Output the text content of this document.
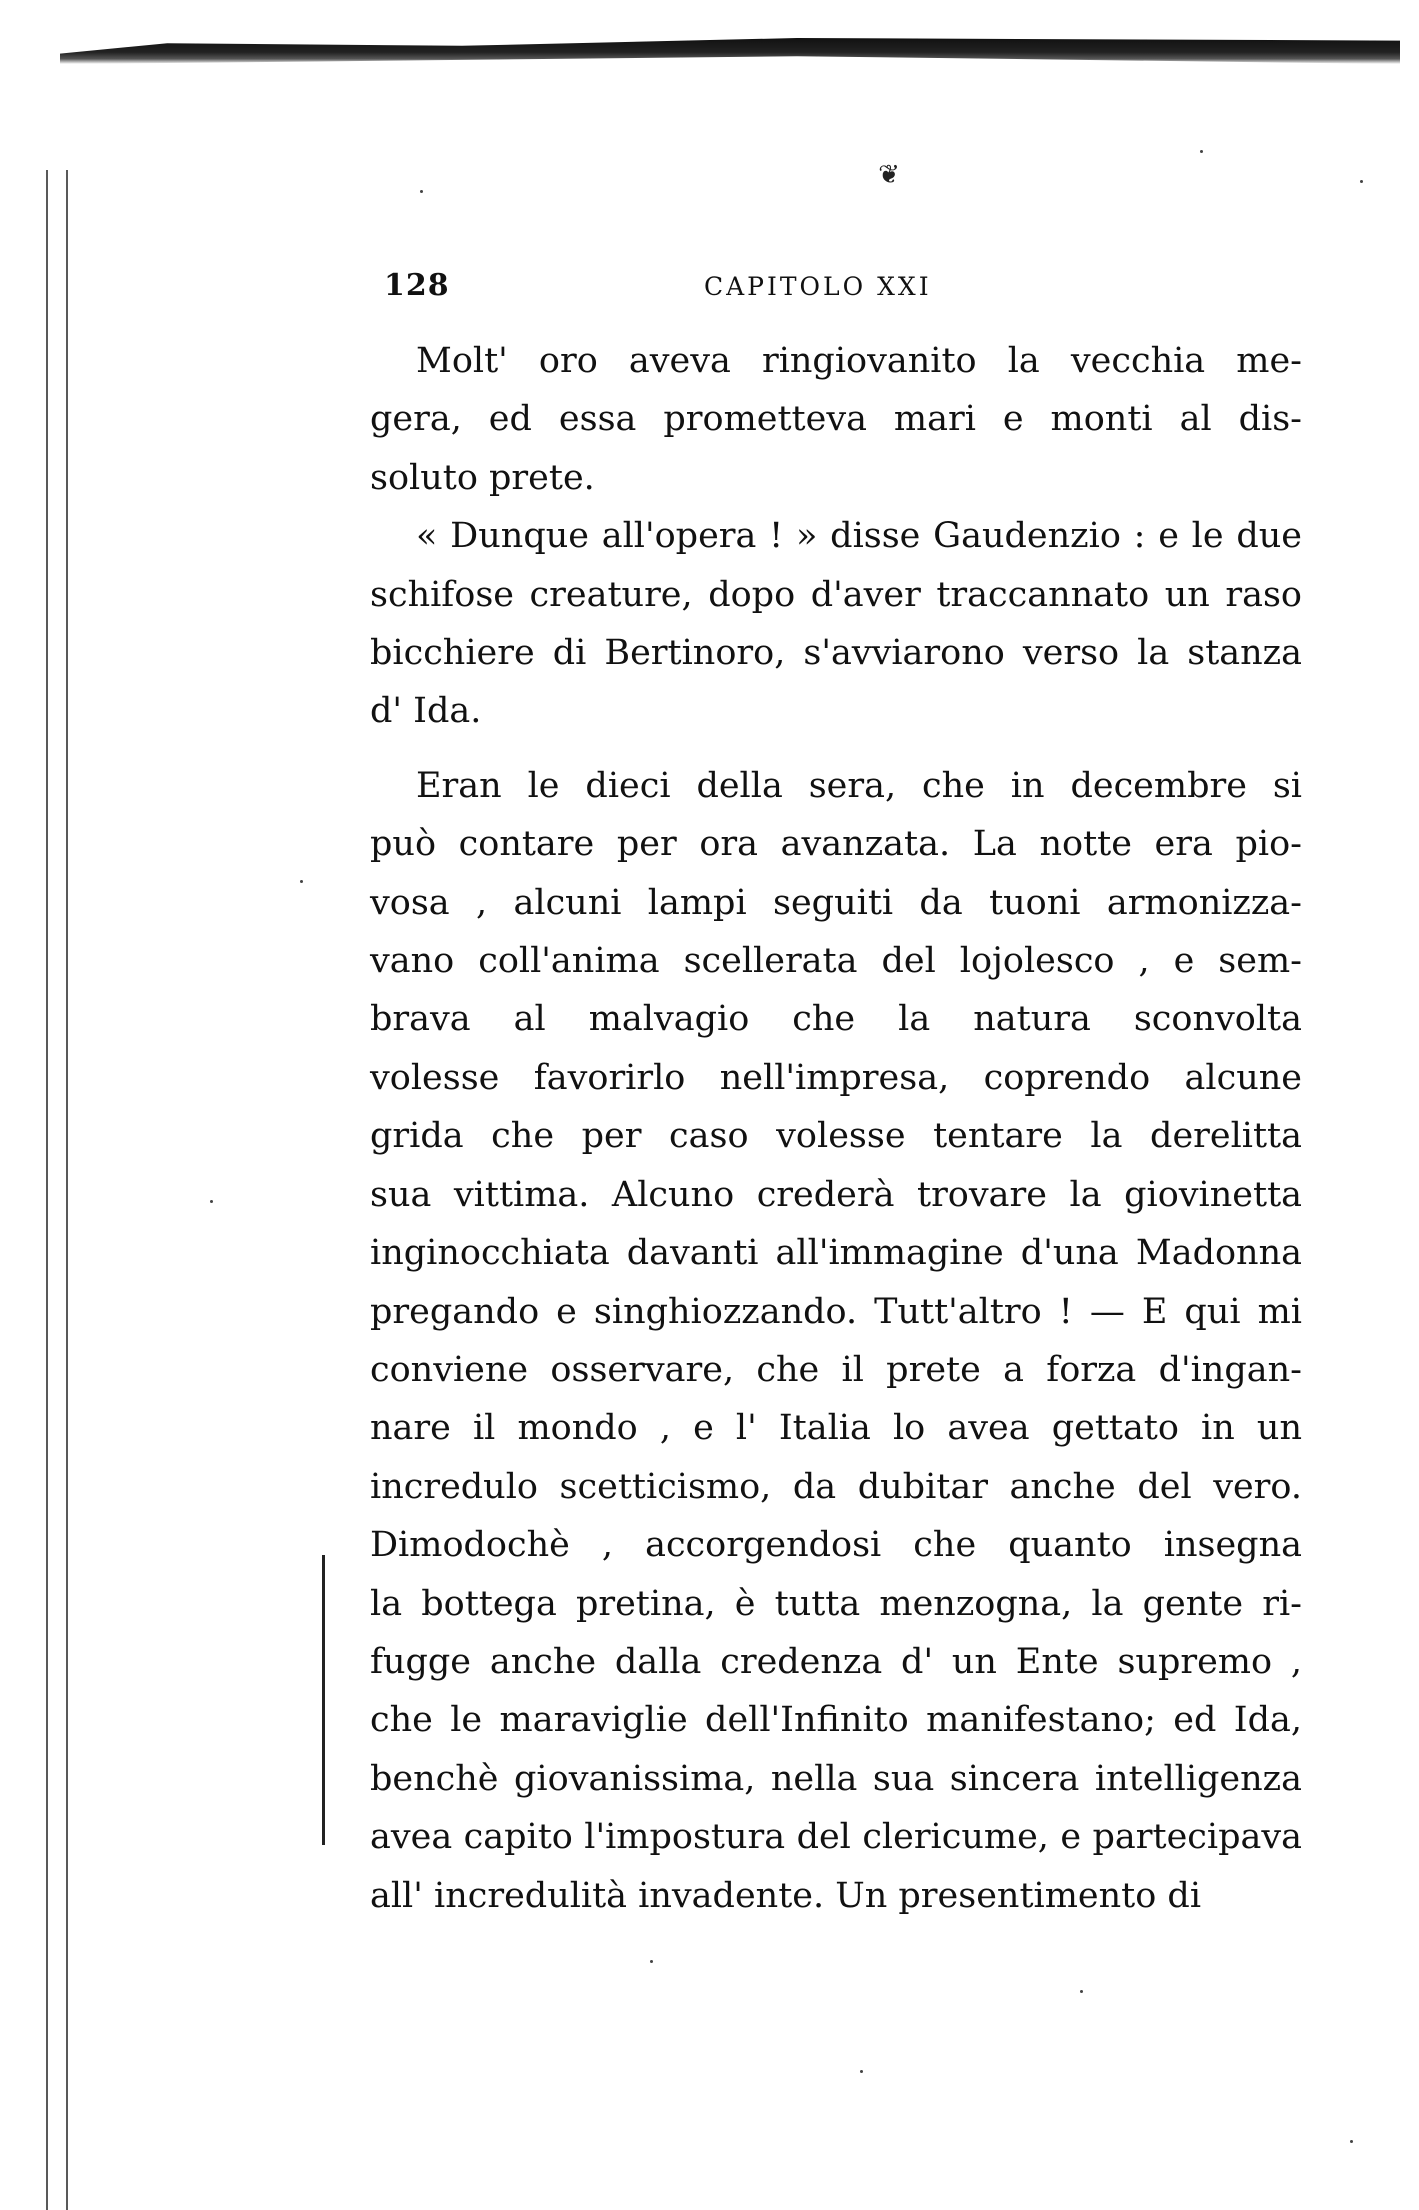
❦
128	CAPITOLO XXI
Molt' oro aveva ringiovanito la vecchia me-
gera, ed essa prometteva mari e monti al dis-
soluto prete.
« Dunque all'opera ! » disse Gaudenzio : e le due
schifose creature, dopo d'aver traccannato un raso
bicchiere di Bertinoro, s'avviarono verso la stanza
d' Ida.
Eran le dieci della sera, che in decembre si
può contare per ora avanzata. La notte era pio-
vosa , alcuni lampi seguiti da tuoni armonizza-
vano coll'anima scellerata del lojolesco , e sem-
brava al malvagio che la natura sconvolta
volesse favorirlo nell'impresa, coprendo alcune
grida che per caso volesse tentare la derelitta
sua vittima. Alcuno crederà trovare la giovinetta
inginocchiata davanti all'immagine d'una Madonna
pregando e singhiozzando. Tutt'altro ! — E qui mi
conviene osservare, che il prete a forza d'ingan-
nare il mondo , e l' Italia lo avea gettato in un
incredulo scetticismo, da dubitar anche del vero.
Dimodochè , accorgendosi che quanto insegna
la bottega pretina, è tutta menzogna, la gente ri-
fugge anche dalla credenza d' un Ente supremo ,
che le maraviglie dell'Infinito manifestano; ed Ida,
benchè giovanissima, nella sua sincera intelligenza
avea capito l'impostura del clericume, e partecipava
all' incredulità invadente. Un presentimento di
